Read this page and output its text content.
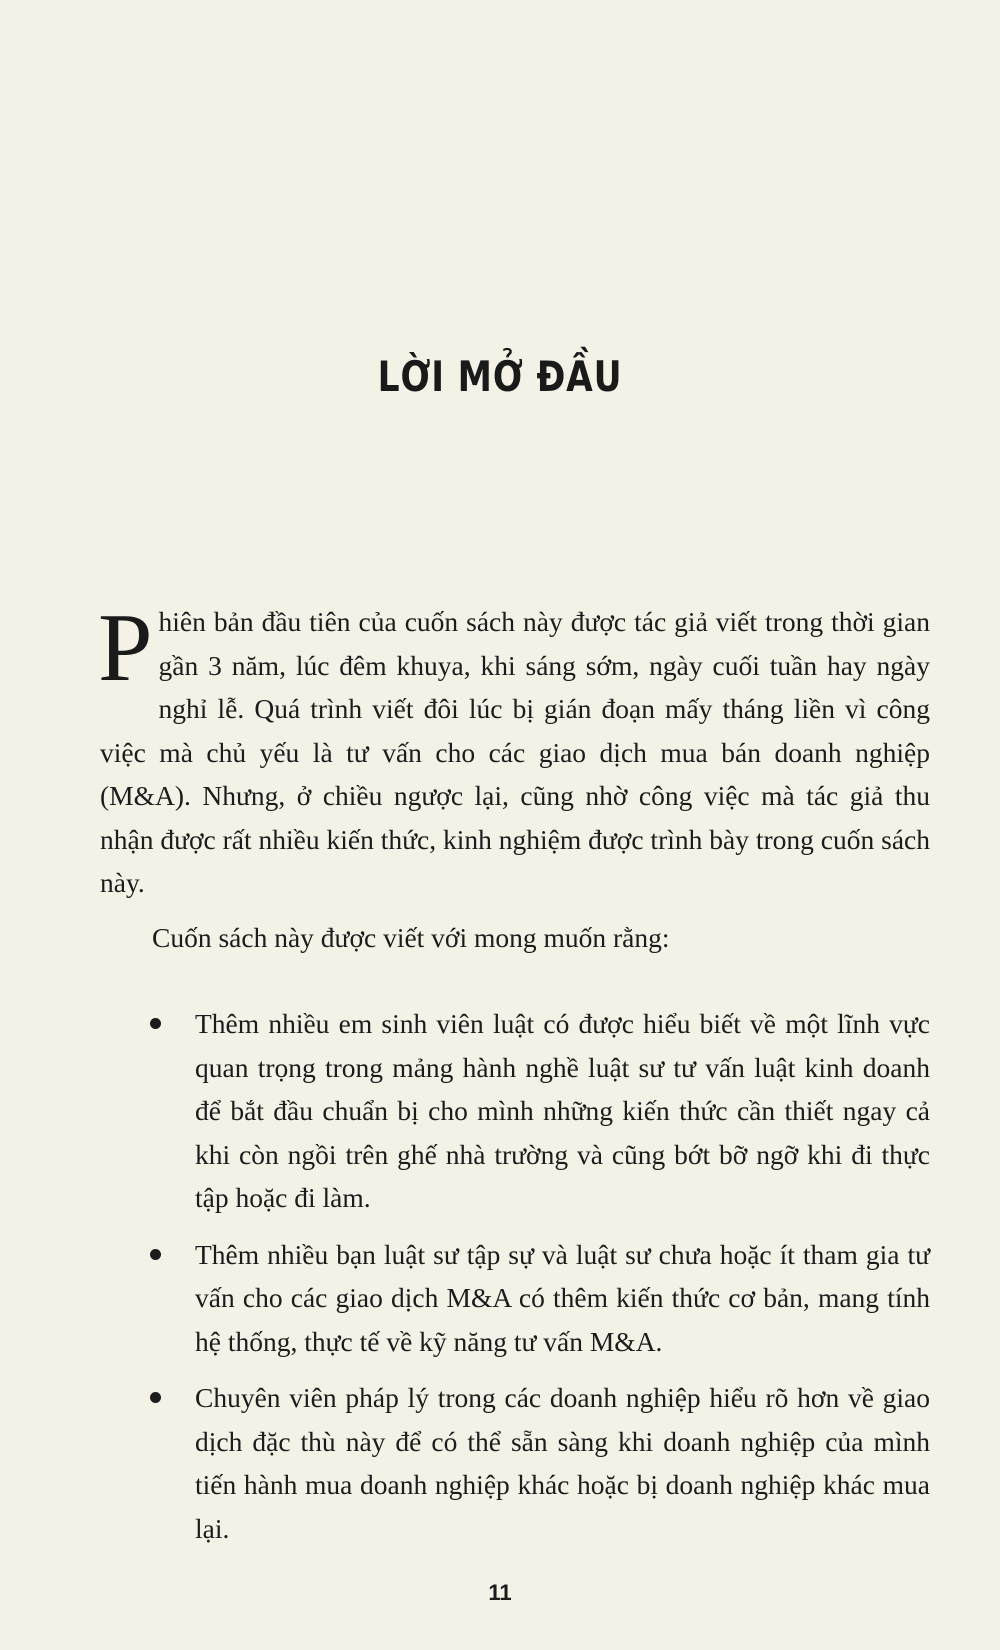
LỜI MỞ ĐẦU
Phiên bản đầu tiên của cuốn sách này được tác giả viết trong thời gian gần 3 năm, lúc đêm khuya, khi sáng sớm, ngày cuối tuần hay ngày nghỉ lễ. Quá trình viết đôi lúc bị gián đoạn mấy tháng liền vì công việc mà chủ yếu là tư vấn cho các giao dịch mua bán doanh nghiệp (M&A). Nhưng, ở chiều ngược lại, cũng nhờ công việc mà tác giả thu nhận được rất nhiều kiến thức, kinh nghiệm được trình bày trong cuốn sách này.

Cuốn sách này được viết với mong muốn rằng:

Thêm nhiều em sinh viên luật có được hiểu biết về một lĩnh vực quan trọng trong mảng hành nghề luật sư tư vấn luật kinh doanh để bắt đầu chuẩn bị cho mình những kiến thức cần thiết ngay cả khi còn ngồi trên ghế nhà trường và cũng bớt bỡ ngỡ khi đi thực tập hoặc đi làm.
Thêm nhiều bạn luật sư tập sự và luật sư chưa hoặc ít tham gia tư vấn cho các giao dịch M&A có thêm kiến thức cơ bản, mang tính hệ thống, thực tế về kỹ năng tư vấn M&A.
Chuyên viên pháp lý trong các doanh nghiệp hiểu rõ hơn về giao dịch đặc thù này để có thể sẵn sàng khi doanh nghiệp của mình tiến hành mua doanh nghiệp khác hoặc bị doanh nghiệp khác mua lại.
11
